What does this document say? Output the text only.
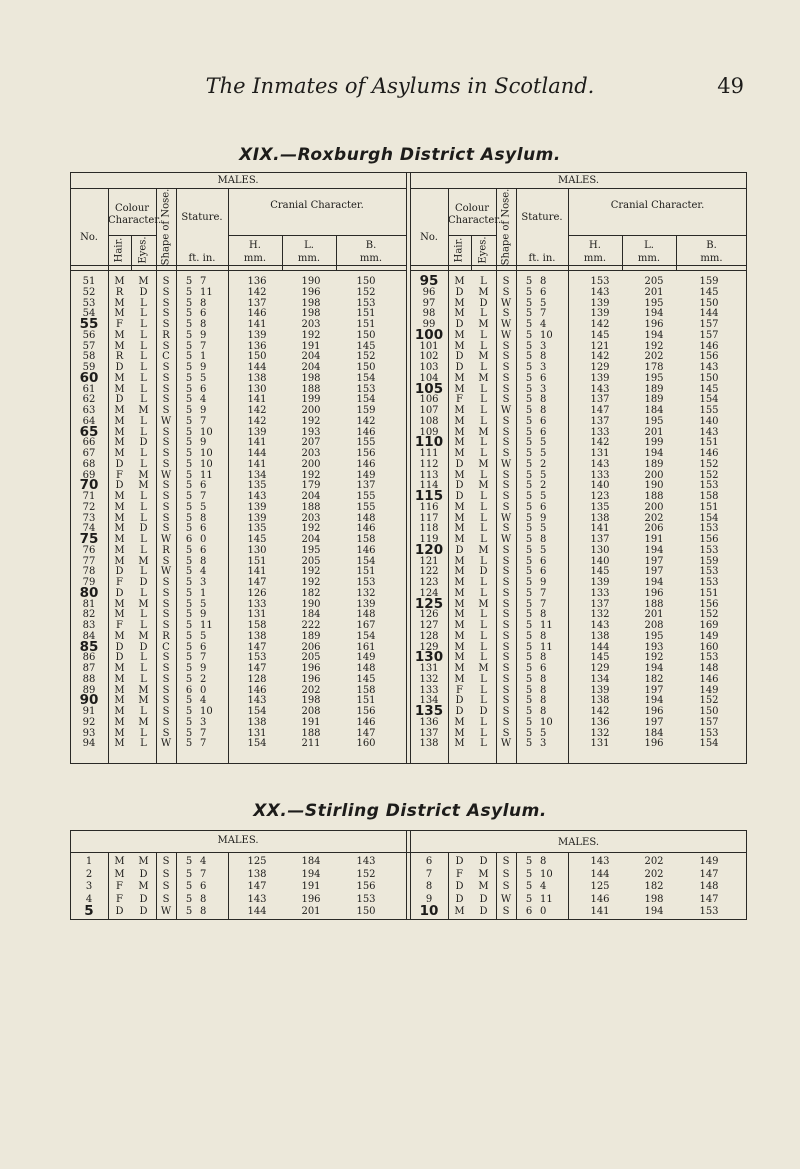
The Inmates of Asylums in Scotland.	49
XIX.—Roxburgh District Asylum.
MALES.	MALES.
51	M	M	S	5 7	136	190	150
52	R	D	S	5 11	142	196	152
53	M	L	S	5 8	137	198	153
54	M	L	S	5 6	146	198	151
55	F	L	S	5 8	141	203	151
56	M	L	R	5 9	139	192	150
57	M	L	S	5 7	136	191	145
58	R	L	C	5 1	150	204	152
59	D	L	S	5 9	144	204	150
60	M	L	S	5 5	138	198	154
61	M	L	S	5 6	130	188	153
62	D	L	S	5 4	141	199	154
63	M	M	S	5 9	142	200	159
64	M	L	W	5 7	142	192	142
65	M	L	S	5 10	139	193	146
66	M	D	S	5 9	141	207	155
67	M	L	S	5 10	144	203	156
68	D	L	S	5 10	141	200	146
69	F	M	W	5 11	134	192	149
70	D	M	S	5 6	135	179	137
71	M	L	S	5 7	143	204	155
72	M	L	S	5 5	139	188	155
73	M	L	S	5 8	139	203	148
74	M	D	S	5 6	135	192	146
75	M	L	W	6 0	145	204	158
76	M	L	R	5 6	130	195	146
77	M	M	S	5 8	151	205	154
78	D	L	W	5 4	141	192	151
79	F	D	S	5 3	147	192	153
80	D	L	S	5 1	126	182	132
81	M	M	S	5 5	133	190	139
82	M	L	S	5 9	131	184	148
83	F	L	S	5 11	158	222	167
84	M	M	R	5 5	138	189	154
85	D	D	C	5 6	147	206	161
86	D	L	S	5 7	153	205	149
87	M	L	S	5 9	147	196	148
88	M	L	S	5 2	128	196	145
89	M	M	S	6 0	146	202	158
90	M	M	S	5 4	143	198	151
91	M	L	S	5 10	154	208	156
92	M	M	S	5 3	138	191	146
93	M	L	S	5 7	131	188	147
94	M	L	W	5 7	154	211	160
95	M	L	S	5 8	153	205	159
96	D	M	S	5 6	143	201	145
97	M	D	W	5 5	139	195	150
98	M	L	S	5 7	139	194	144
99	D	M	W	5 4	142	196	157
100	M	L	W	5 10	145	194	157
101	M	L	S	5 3	121	192	146
102	D	M	S	5 8	142	202	156
103	D	L	S	5 3	129	178	143
104	M	M	S	5 6	139	195	150
105	M	L	S	5 3	143	189	145
106	F	L	S	5 8	137	189	154
107	M	L	W	5 8	147	184	155
108	M	L	S	5 6	137	195	140
109	M	M	S	5 6	133	201	143
110	M	L	S	5 5	142	199	151
111	M	L	S	5 5	131	194	146
112	D	M	W	5 2	143	189	152
113	M	L	S	5 5	133	200	152
114	D	M	S	5 2	140	190	153
115	D	L	S	5 5	123	188	158
116	M	L	S	5 6	135	200	151
117	M	L	W	5 9	138	202	154
118	M	L	S	5 5	141	206	153
119	M	L	W	5 8	137	191	156
120	D	M	S	5 5	130	194	153
121	M	L	S	5 6	140	197	159
122	M	D	S	5 6	145	197	153
123	M	L	S	5 9	139	194	153
124	M	L	S	5 7	133	196	151
125	M	M	S	5 7	137	188	156
126	M	L	S	5 8	132	201	152
127	M	L	S	5 11	143	208	169
128	M	L	S	5 8	138	195	149
129	M	L	S	5 11	144	193	160
130	M	L	S	5 8	145	192	153
131	M	M	S	5 6	129	194	148
132	M	L	S	5 8	134	182	146
133	F	L	S	5 8	139	197	149
134	D	L	S	5 8	138	194	152
135	D	D	S	5 8	142	196	150
136	M	L	S	5 10	136	197	157
137	M	L	S	5 5	132	184	153
138	M	L	W	5 3	131	196	154
No.
Colour Character.	Stature.
Cranial Character.
H.	L.	B.
ft. in.	mm.	mm.	mm.
Hair. Eyes. Shape of Nose.	No.
Colour Character.	Stature.
Cranial Character.
H.	L.	B.
ft. in.	mm.	mm.	mm.
Hair. Eyes. Shape of Nose.
XX.—Stirling District Asylum.
MALES.	MALES.
1	M	M	S	5 4	125	184	143
2	M	D	S	5 7	138	194	152
3	F	M	S	5 6	147	191	156
4	F	D	S	5 8	143	196	153
5	D	D	W	5 8	144	201	150
6	D	D	S	5 8	143	202	149
7	F	M	S	5 10	144	202	147
8	D	M	S	5 4	125	182	148
9	D	D	W	5 11	146	198	147
10	M	D	S	6 0	141	194	153
